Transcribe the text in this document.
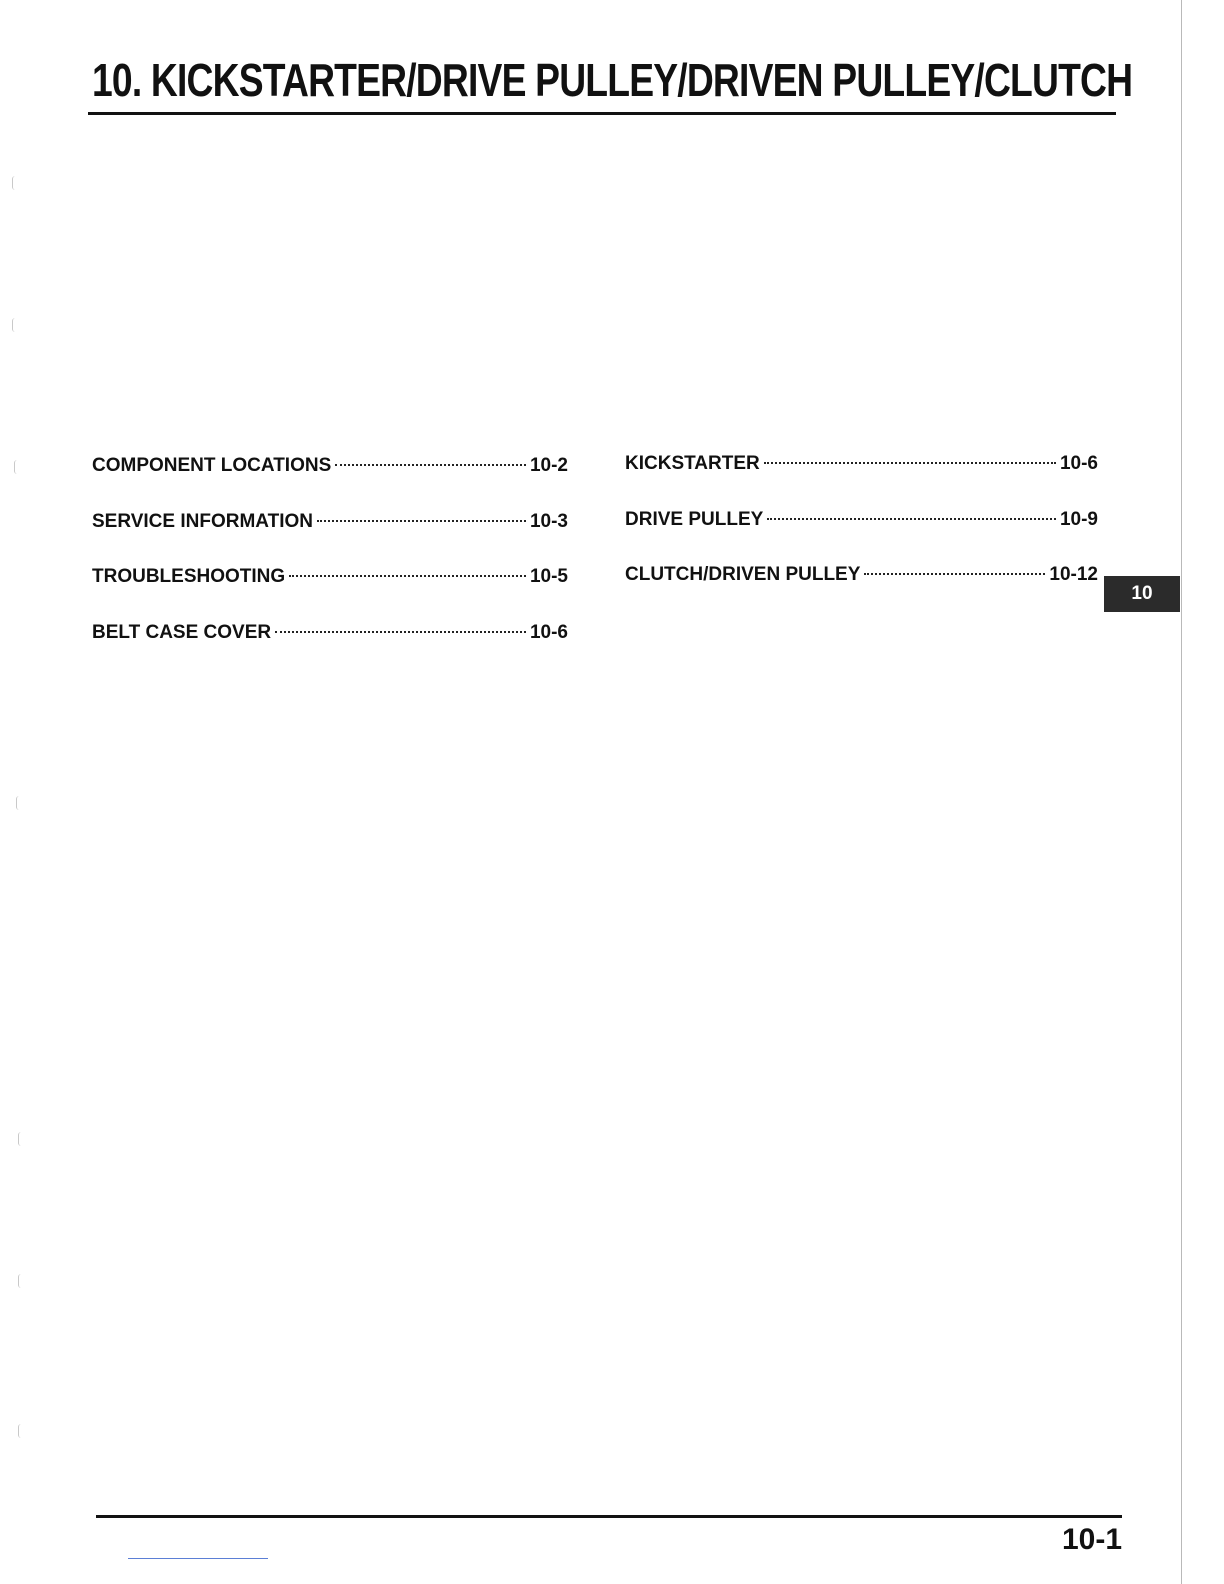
10. KICKSTARTER/DRIVE PULLEY/DRIVEN PULLEY/CLUTCH
COMPONENT LOCATIONS	10-2
SERVICE INFORMATION	10-3
TROUBLESHOOTING	10-5
BELT CASE COVER	10-6
KICKSTARTER	10-6
DRIVE PULLEY	10-9
CLUTCH/DRIVEN PULLEY	10-12
10
10-1
